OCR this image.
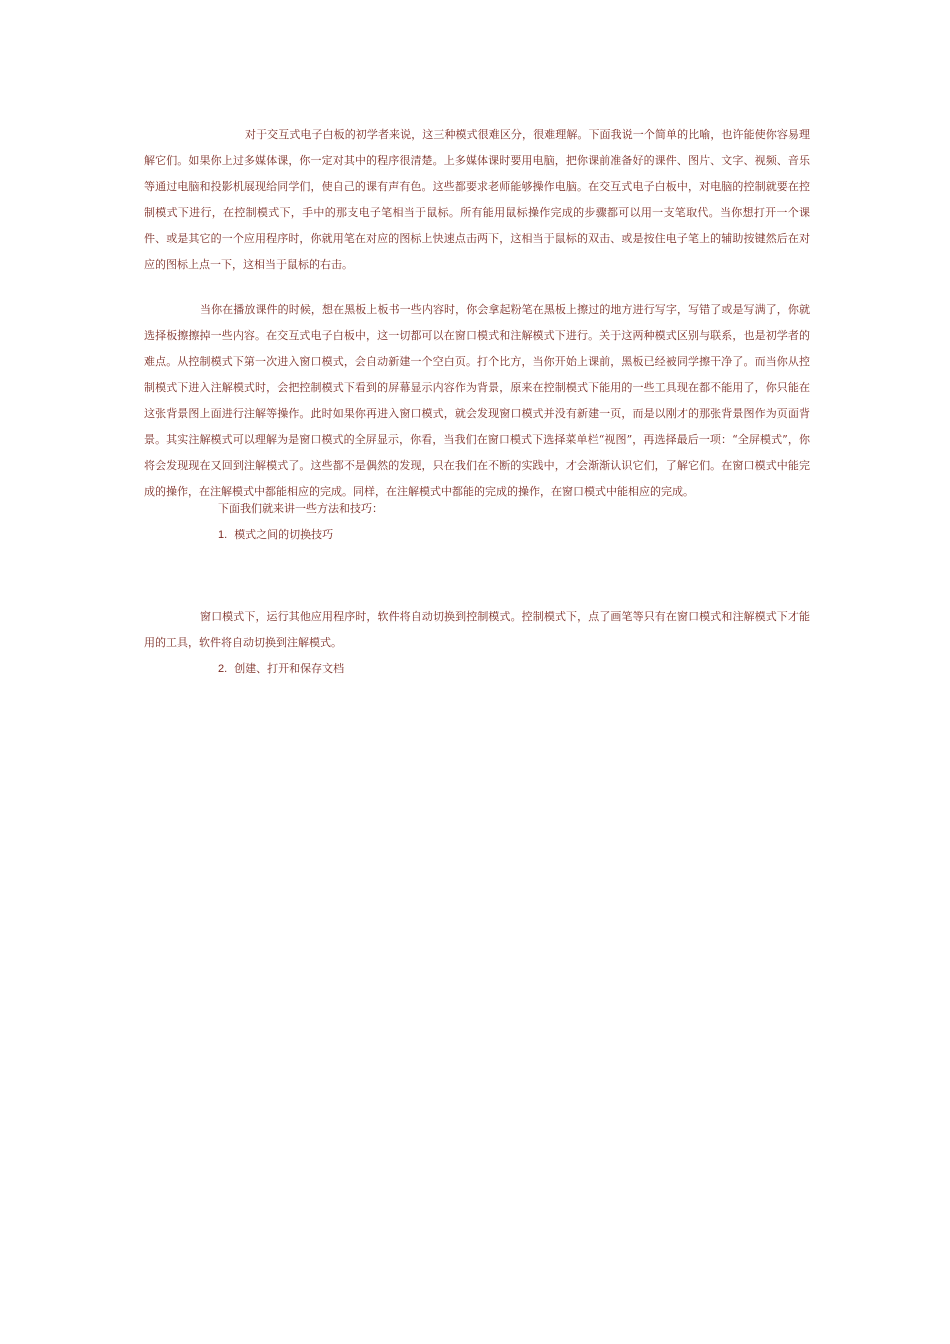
对于交互式电子白板的初学者来说，这三种模式很难区分，很难理解。下面我说一个简单的比喻，也许能使你容易理解它们。如果你上过多媒体课，你一定对其中的程序很清楚。上多媒体课时要用电脑，把你课前准备好的课件、图片、文字、视频、音乐等通过电脑和投影机展现给同学们，使自己的课有声有色。这些都要求老师能够操作电脑。在交互式电子白板中，对电脑的控制就要在控制模式下进行，在控制模式下，手中的那支电子笔相当于鼠标。所有能用鼠标操作完成的步骤都可以用一支笔取代。当你想打开一个课件、或是其它的一个应用程序时，你就用笔在对应的图标上快速点击两下，这相当于鼠标的双击、或是按住电子笔上的辅助按键然后在对应的图标上点一下，这相当于鼠标的右击。

当你在播放课件的时候，想在黑板上板书一些内容时，你会拿起粉笔在黑板上擦过的地方进行写字，写错了或是写满了，你就选择板擦擦掉一些内容。在交互式电子白板中，这一切都可以在窗口模式和注解模式下进行。关于这两种模式区别与联系，也是初学者的难点。从控制模式下第一次进入窗口模式，会自动新建一个空白页。打个比方，当你开始上课前，黑板已经被同学擦干净了。而当你从控制模式下进入注解模式时，会把控制模式下看到的屏幕显示内容作为背景，原来在控制模式下能用的一些工具现在都不能用了，你只能在这张背景图上面进行注解等操作。此时如果你再进入窗口模式，就会发现窗口模式并没有新建一页，而是以刚才的那张背景图作为页面背景。其实注解模式可以理解为是窗口模式的全屏显示，你看，当我们在窗口模式下选择菜单栏“视图”，再选择最后一项：“全屏模式”，你将会发现现在又回到注解模式了。这些都不是偶然的发现，只在我们在不断的实践中，才会渐渐认识它们，了解它们。在窗口模式中能完成的操作，在注解模式中都能相应的完成。同样，在注解模式中都能的完成的操作，在窗口模式中能相应的完成。

下面我们就来讲一些方法和技巧：

1. 模式之间的切换技巧

窗口模式下，运行其他应用程序时，软件将自动切换到控制模式。控制模式下，点了画笔等只有在窗口模式和注解模式下才能用的工具，软件将自动切换到注解模式。

2. 创建、打开和保存文档
